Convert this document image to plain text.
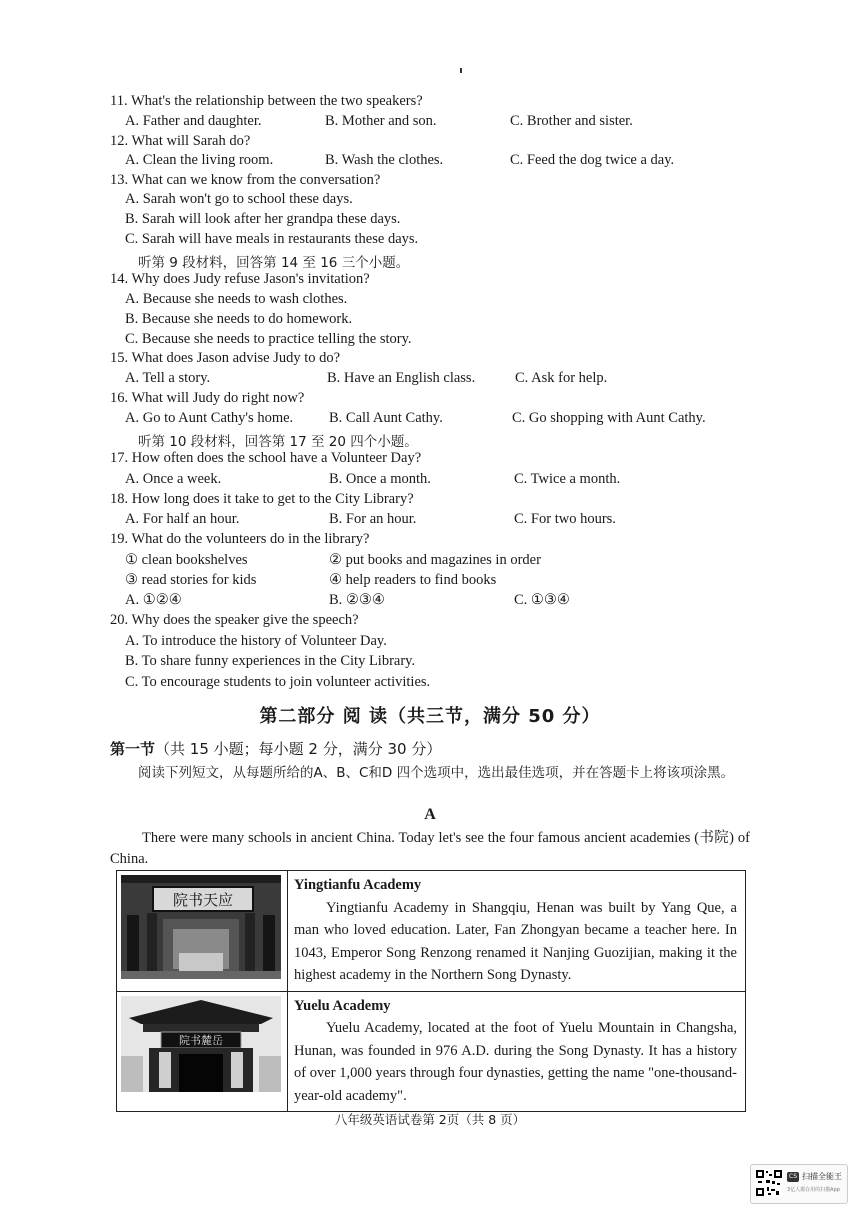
11. What's the relationship between the two speakers?
A. Father and daughter.	B. Mother and son.	C. Brother and sister.
12. What will Sarah do?
A. Clean the living room.	B. Wash the clothes.	C. Feed the dog twice a day.
13. What can we know from the conversation?
A. Sarah won't go to school these days.
B. Sarah will look after her grandpa these days.
C. Sarah will have meals in restaurants these days.
听第 9 段材料，回答第 14 至 16 三个小题。
14. Why does Judy refuse Jason's invitation?
A. Because she needs to wash clothes.
B. Because she needs to do homework.
C. Because she needs to practice telling the story.
15. What does Jason advise Judy to do?
A. Tell a story.	B. Have an English class.	C. Ask for help.
16. What will Judy do right now?
A. Go to Aunt Cathy's home. B. Call Aunt Cathy.	C. Go shopping with Aunt Cathy.
听第 10 段材料，回答第 17 至 20 四个小题。
17. How often does the school have a Volunteer Day?
A. Once a week.	B. Once a month.	C. Twice a month.
18. How long does it take to get to the City Library?
A. For half an hour.	B. For an hour.	C. For two hours.
19. What do the volunteers do in the library?
① clean bookshelves	② put books and magazines in order
③ read stories for kids	④ help readers to find books
A. ①②④	B. ②③④	C. ①③④
20. Why does the speaker give the speech?
A. To introduce the history of Volunteer Day.
B. To share funny experiences in the City Library.
C. To encourage students to join volunteer activities.
第二部分 阅 读（共三节，满分 50 分）
第一节（共 15 小题；每小题 2 分，满分 30 分）
阅读下列短文，从每题所给的A、B、C和D 四个选项中，选出最佳选项，并在答题卡上将该项涂黑。
A
There were many schools in ancient China. Today let's see the four famous ancient academies (书院) of China.
院书天应	Yingtianfu Academy
Yingtianfu Academy in Shangqiu, Henan was built by Yang Que, a man who loved education. Later, Fan Zhongyan became a teacher here. In 1043, Emperor Song Renzong renamed it Nanjing Guozijian, making it the highest academy in the Northern Song Dynasty.

院书麓岳	Yuelu Academy
Yuelu Academy, located at the foot of Yuelu Mountain in Changsha, Hunan, was founded in 976 A.D. during the Song Dynasty. It has a history of over 1,000 years through four dynasties, getting the name "one-thousand-year-old academy".
八年级英语试卷第 2页（共 8 页）
CS 扫描全能王
3亿人都在用的扫描App
